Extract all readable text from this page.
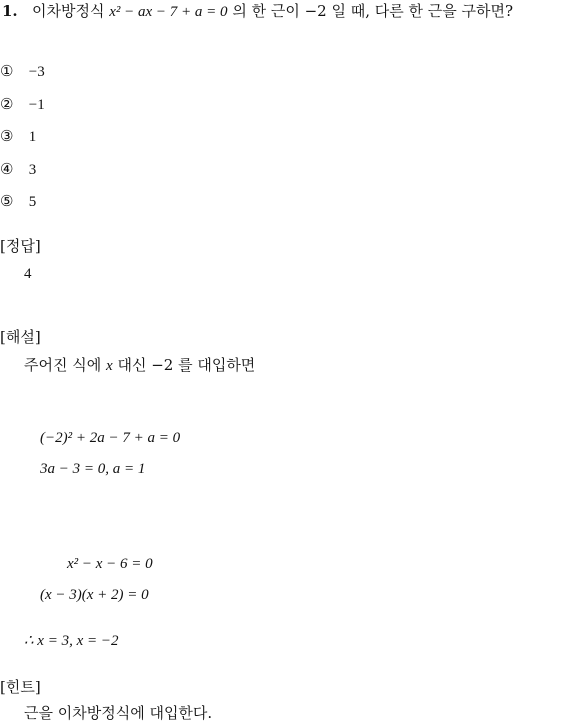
1. 이차방정식 x² − ax − 7 + a = 0 의 한 근이 −2 일 때, 다른 한 근을 구하면?
① −3
② −1
③ 1
④ 3
⑤ 5
[정답]
4
[해설]
주어진 식에 x 대신 −2 를 대입하면
(−2)² + 2a − 7 + a = 0
3a − 3 = 0, a = 1
x² − x − 6 = 0
(x − 3)(x + 2) = 0
∴ x = 3, x = −2
[힌트]
근을 이차방정식에 대입한다.
